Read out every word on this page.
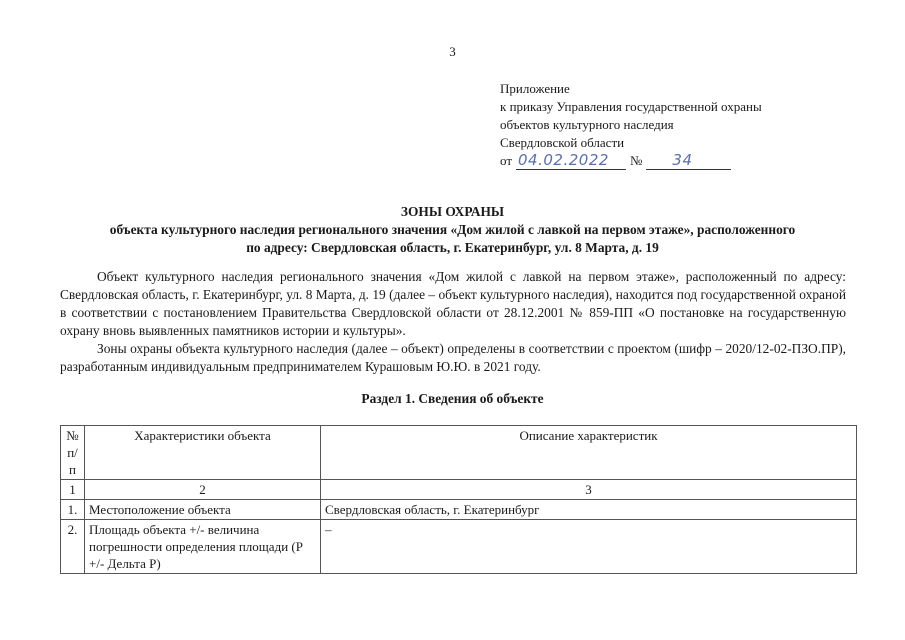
3
Приложение
к приказу Управления государственной охраны
объектов культурного наследия
Свердловской области
от 04.02.2022 № 34
ЗОНЫ ОХРАНЫ
объекта культурного наследия регионального значения «Дом жилой с лавкой на первом этаже», расположенного
по адресу: Свердловская область, г. Екатеринбург, ул. 8 Марта, д. 19

Объект культурного наследия регионального значения «Дом жилой с лавкой на первом этаже», расположенный по адресу: Свердловская область, г. Екатеринбург, ул. 8 Марта, д. 19 (далее – объект культурного наследия), находится под государственной охраной в соответствии с постановлением Правительства Свердловской области от 28.12.2001 № 859-ПП «О постановке на государственную охрану вновь выявленных памятников истории и культуры».

Зоны охраны объекта культурного наследия (далее – объект) определены в соответствии с проектом (шифр – 2020/12-02-ПЗО.ПР), разработанным индивидуальным предпринимателем Курашовым Ю.Ю. в 2021 году.

Раздел 1. Сведения об объекте
№ п/п	Характеристики объекта	Описание характеристик
1	2	3
1.	Местоположение объекта	Свердловская область, г. Екатеринбург
2.	Площадь объекта +/- величина погрешности определения площади (Р +/- Дельта Р)	–
